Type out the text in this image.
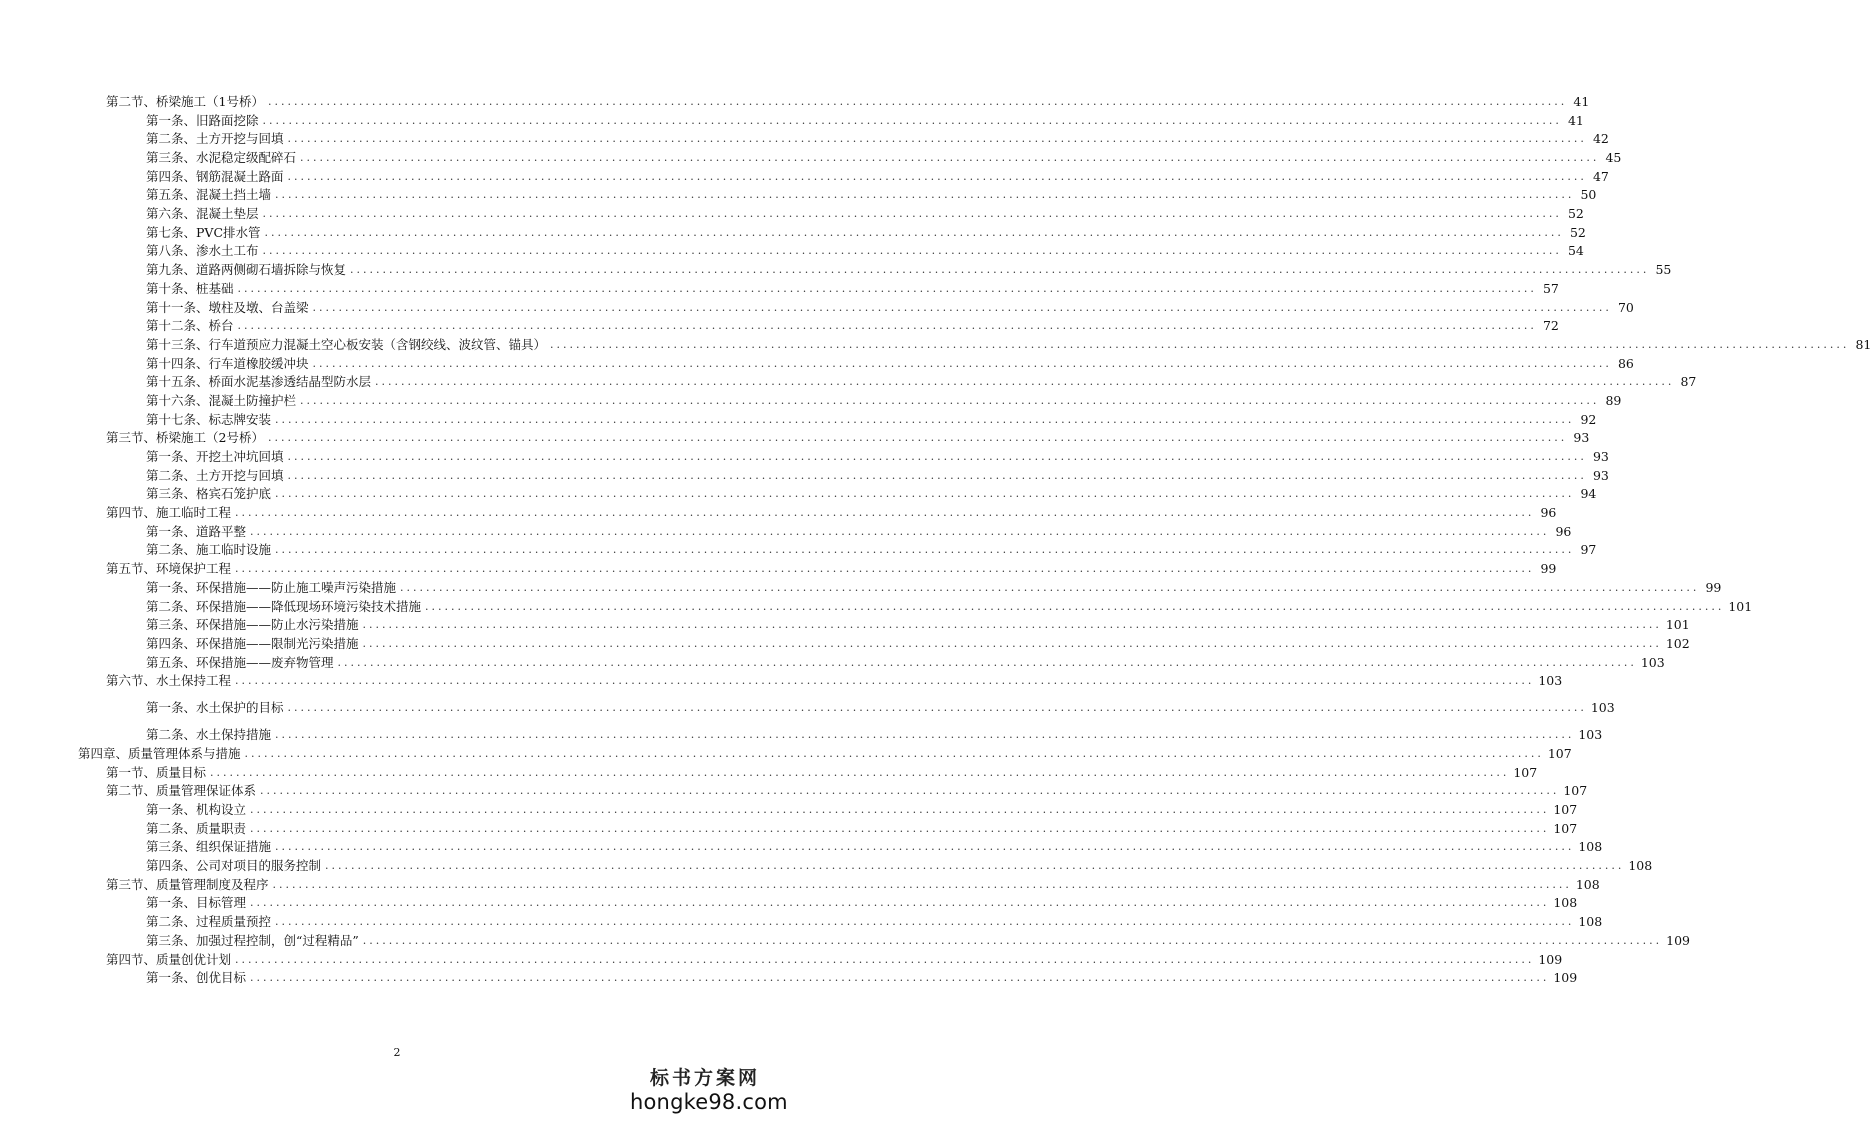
第二节、桥梁施工（1号桥） ........................................................................................................................................................................................................ 41
第一条、旧路面挖除 ........................................................................................................................................................................................................ 41
第二条、土方开挖与回填 ........................................................................................................................................................................................................ 42
第三条、水泥稳定级配碎石 ........................................................................................................................................................................................................ 45
第四条、钢筋混凝土路面 ........................................................................................................................................................................................................ 47
第五条、混凝土挡土墙 ........................................................................................................................................................................................................ 50
第六条、混凝土垫层 ........................................................................................................................................................................................................ 52
第七条、PVC排水管 ........................................................................................................................................................................................................ 52
第八条、渗水土工布 ........................................................................................................................................................................................................ 54
第九条、道路两侧砌石墙拆除与恢复 ........................................................................................................................................................................................................ 55
第十条、桩基础 ........................................................................................................................................................................................................ 57
第十一条、墩柱及墩、台盖梁 ........................................................................................................................................................................................................ 70
第十二条、桥台 ........................................................................................................................................................................................................ 72
第十三条、行车道预应力混凝土空心板安装（含钢绞线、波纹管、锚具） ........................................................................................................................................................................................................ 81
第十四条、行车道橡胶缓冲块 ........................................................................................................................................................................................................ 86
第十五条、桥面水泥基渗透结晶型防水层 ........................................................................................................................................................................................................ 87
第十六条、混凝土防撞护栏 ........................................................................................................................................................................................................ 89
第十七条、标志牌安装 ........................................................................................................................................................................................................ 92
第三节、桥梁施工（2号桥） ........................................................................................................................................................................................................ 93
第一条、开挖土冲坑回填 ........................................................................................................................................................................................................ 93
第二条、土方开挖与回填 ........................................................................................................................................................................................................ 93
第三条、格宾石笼护底 ........................................................................................................................................................................................................ 94
第四节、施工临时工程 ........................................................................................................................................................................................................ 96
第一条、道路平整 ........................................................................................................................................................................................................ 96
第二条、施工临时设施 ........................................................................................................................................................................................................ 97
第五节、环境保护工程 ........................................................................................................................................................................................................ 99
第一条、环保措施——防止施工噪声污染措施 ........................................................................................................................................................................................................ 99
第二条、环保措施——降低现场环境污染技术措施 ........................................................................................................................................................................................................ 101
第三条、环保措施——防止水污染措施 ........................................................................................................................................................................................................ 101
第四条、环保措施——限制光污染措施 ........................................................................................................................................................................................................ 102
第五条、环保措施——废弃物管理 ........................................................................................................................................................................................................ 103
第六节、水土保持工程 ........................................................................................................................................................................................................ 103
第一条、水土保护的目标 ........................................................................................................................................................................................................ 103
第二条、水土保持措施 ........................................................................................................................................................................................................ 103
第四章、质量管理体系与措施 ........................................................................................................................................................................................................ 107
第一节、质量目标 ........................................................................................................................................................................................................ 107
第二节、质量管理保证体系 ........................................................................................................................................................................................................ 107
第一条、机构设立 ........................................................................................................................................................................................................ 107
第二条、质量职责 ........................................................................................................................................................................................................ 107
第三条、组织保证措施 ........................................................................................................................................................................................................ 108
第四条、公司对项目的服务控制 ........................................................................................................................................................................................................ 108
第三节、质量管理制度及程序 ........................................................................................................................................................................................................ 108
第一条、目标管理 ........................................................................................................................................................................................................ 108
第二条、过程质量预控 ........................................................................................................................................................................................................ 108
第三条、加强过程控制，创“过程精品” ........................................................................................................................................................................................................ 109
第四节、质量创优计划 ........................................................................................................................................................................................................ 109
第一条、创优目标 ........................................................................................................................................................................................................ 109
2
标书方案网
hongke98.com
